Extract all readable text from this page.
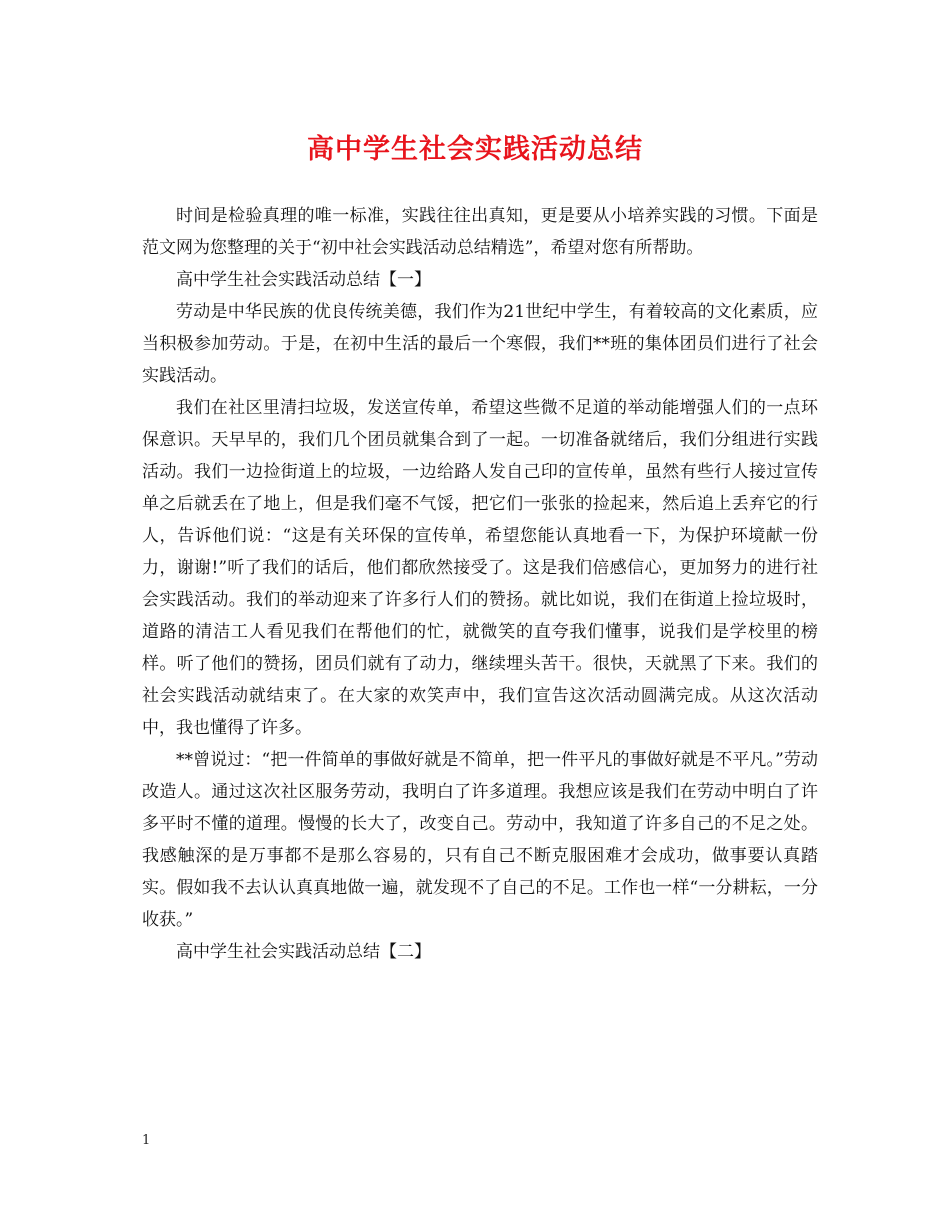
高中学生社会实践活动总结

时间是检验真理的唯一标准，实践往往出真知，更是要从小培养实践的习惯。下面是范文网为您整理的关于“初中社会实践活动总结精选”，希望对您有所帮助。

高中学生社会实践活动总结【一】

劳动是中华民族的优良传统美德，我们作为21世纪中学生，有着较高的文化素质，应当积极参加劳动。于是，在初中生活的最后一个寒假，我们**班的集体团员们进行了社会实践活动。

我们在社区里清扫垃圾，发送宣传单，希望这些微不足道的举动能增强人们的一点环保意识。天早早的，我们几个团员就集合到了一起。一切准备就绪后，我们分组进行实践活动。我们一边捡街道上的垃圾，一边给路人发自己印的宣传单，虽然有些行人接过宣传单之后就丢在了地上，但是我们毫不气馁，把它们一张张的捡起来，然后追上丢弃它的行人，告诉他们说：“这是有关环保的宣传单，希望您能认真地看一下，为保护环境献一份力，谢谢!”听了我们的话后，他们都欣然接受了。这是我们倍感信心，更加努力的进行社会实践活动。我们的举动迎来了许多行人们的赞扬。就比如说，我们在街道上捡垃圾时，道路的清洁工人看见我们在帮他们的忙，就微笑的直夸我们懂事，说我们是学校里的榜样。听了他们的赞扬，团员们就有了动力，继续埋头苦干。很快，天就黑了下来。我们的社会实践活动就结束了。在大家的欢笑声中，我们宣告这次活动圆满完成。从这次活动中，我也懂得了许多。

**曾说过：“把一件简单的事做好就是不简单，把一件平凡的事做好就是不平凡。”劳动改造人。通过这次社区服务劳动，我明白了许多道理。我想应该是我们在劳动中明白了许多平时不懂的道理。慢慢的长大了，改变自己。劳动中，我知道了许多自己的不足之处。我感触深的是万事都不是那么容易的，只有自己不断克服困难才会成功，做事要认真踏实。假如我不去认认真真地做一遍，就发现不了自己的不足。工作也一样“一分耕耘，一分收获。”

高中学生社会实践活动总结【二】

1
